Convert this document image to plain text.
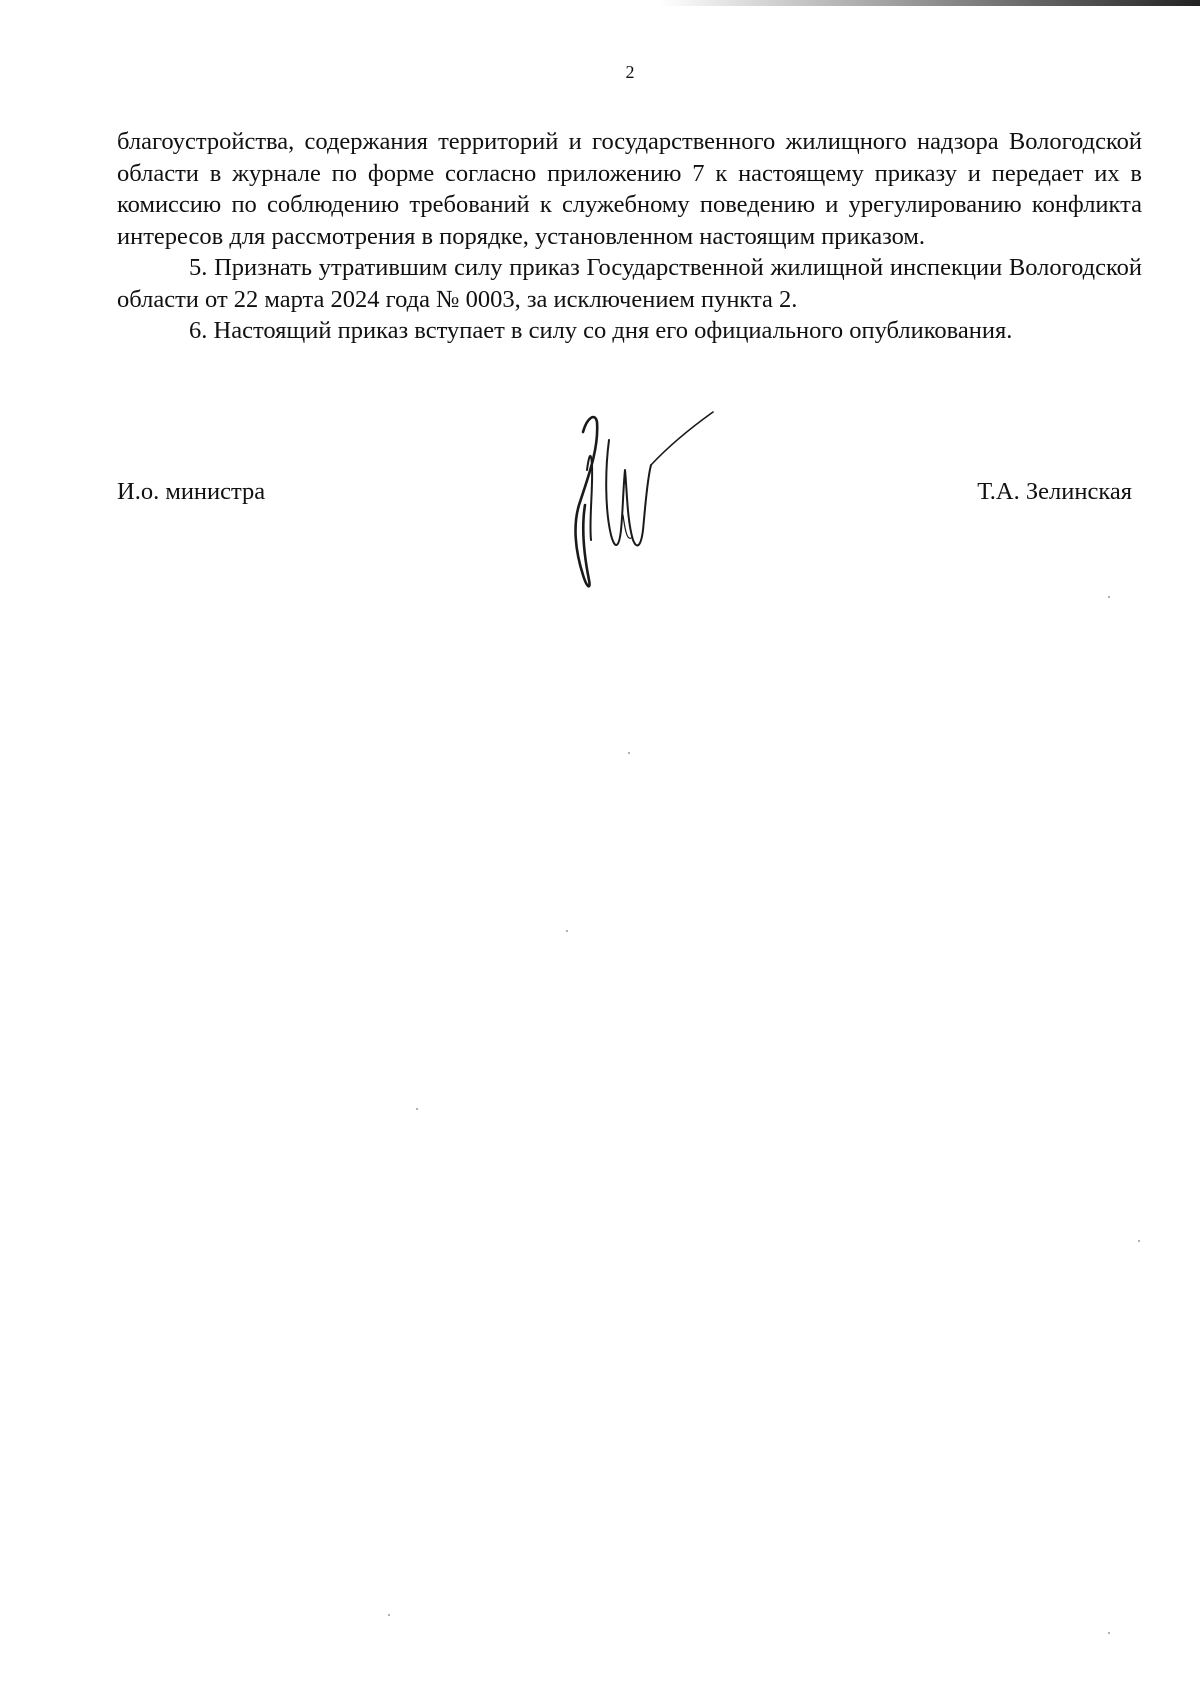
2

благоустройства, содержания территорий и государственного жилищного надзора Вологодской области в журнале по форме согласно приложению 7 к настоящему приказу и передает их в комиссию по соблюдению требований к служебному поведению и урегулированию конфликта интересов для рассмотрения в порядке, установленном настоящим приказом.

5. Признать утратившим силу приказ Государственной жилищной инспекции Вологодской области от 22 марта 2024 года № 0003, за исключением пункта 2.

6. Настоящий приказ вступает в силу со дня его официального опубликования.

И.о. министра	Т.А. Зелинская
